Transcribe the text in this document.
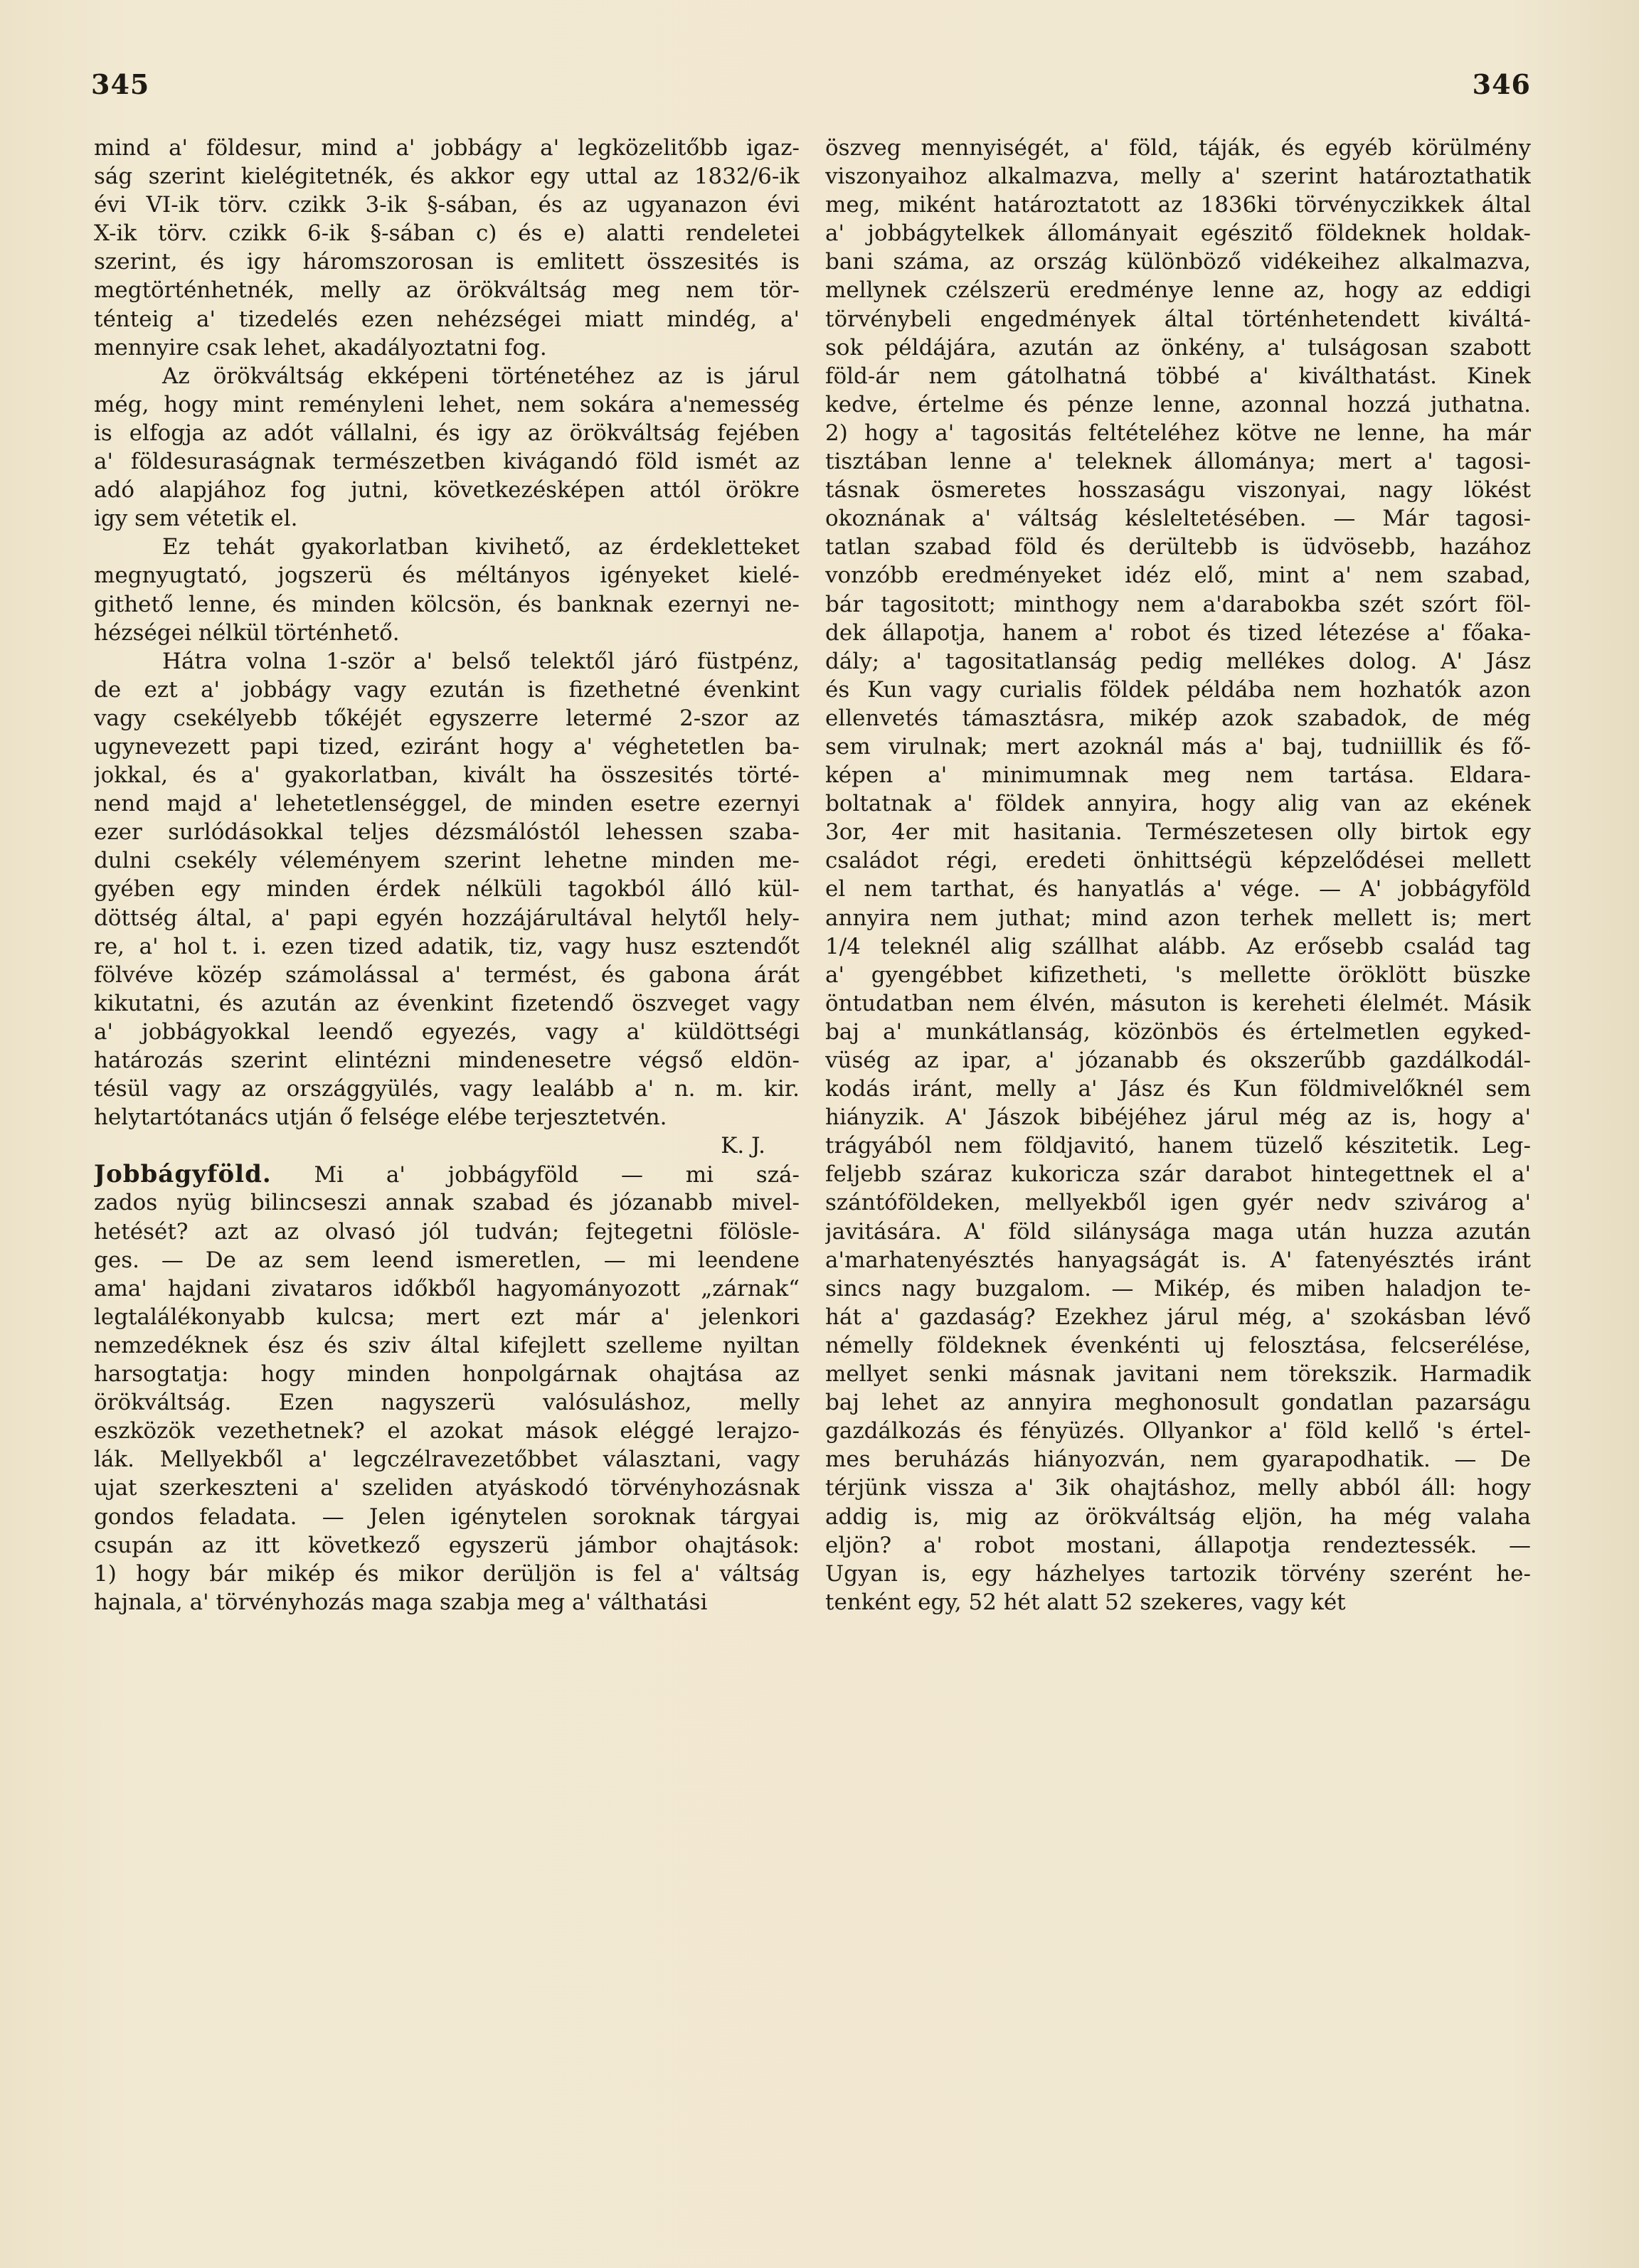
345	346
mind a' földesur, mind a' jobbágy a' legközelitőbb igaz-
ság szerint kielégitetnék, és akkor egy uttal az 1832/6-ik
évi VI-ik törv. czikk 3-ik §-sában, és az ugyanazon évi
X-ik törv. czikk 6-ik §-sában c) és e) alatti rendeletei
szerint, és igy háromszorosan is emlitett összesités is
megtörténhetnék, melly az örökváltság meg nem tör-
ténteig a' tizedelés ezen nehézségei miatt mindég, a'
mennyire csak lehet, akadályoztatni fog.
Az örökváltság ekképeni történetéhez az is járul
még, hogy mint reményleni lehet, nem sokára a'nemesség
is elfogja az adót vállalni, és igy az örökváltság fejében
a' földesuraságnak természetben kivágandó föld ismét az
adó alapjához fog jutni, következésképen attól örökre
igy sem vétetik el.
Ez tehát gyakorlatban kivihető, az érdekletteket
megnyugtató, jogszerü és méltányos igényeket kielé-
githető lenne, és minden kölcsön, és banknak ezernyi ne-
hézségei nélkül történhető.
Hátra volna 1-ször a' belső telektől járó füstpénz,
de ezt a' jobbágy vagy ezután is fizethetné évenkint
vagy csekélyebb tőkéjét egyszerre letermé 2-szor az
ugynevezett papi tized, eziránt hogy a' véghetetlen ba-
jokkal, és a' gyakorlatban, kivált ha összesités törté-
nend majd a' lehetetlenséggel, de minden esetre ezernyi
ezer surlódásokkal teljes dézsmálóstól lehessen szaba-
dulni csekély véleményem szerint lehetne minden me-
gyében egy minden érdek nélküli tagokból álló kül-
döttség által, a' papi egyén hozzájárultával helytől hely-
re, a' hol t. i. ezen tized adatik, tiz, vagy husz esztendőt
fölvéve közép számolással a' termést, és gabona árát
kikutatni, és azután az évenkint fizetendő öszveget vagy
a' jobbágyokkal leendő egyezés, vagy a' küldöttségi
határozás szerint elintézni mindenesetre végső eldön-
tésül vagy az országgyülés, vagy lealább a' n. m. kir.
helytartótanács utján ő felsége elébe terjesztetvén.
K. J.
Jobbágyföld. Mi a' jobbágyföld — mi szá-
zados nyüg bilincseszi annak szabad és józanabb mivel-
hetését? azt az olvasó jól tudván; fejtegetni fölösle-
ges. — De az sem leend ismeretlen, — mi leendene
ama' hajdani zivataros időkből hagyományozott „zárnak“
legtalálékonyabb kulcsa; mert ezt már a' jelenkori
nemzedéknek ész és sziv által kifejlett szelleme nyiltan
harsogtatja: hogy minden honpolgárnak ohajtása az
örökváltság. Ezen nagyszerü valósuláshoz, melly
eszközök vezethetnek? el azokat mások eléggé lerajzo-
lák. Mellyekből a' legczélravezetőbbet választani, vagy
ujat szerkeszteni a' szeliden atyáskodó törvényhozásnak
gondos feladata. — Jelen igénytelen soroknak tárgyai
csupán az itt következő egyszerü jámbor ohajtások:
1) hogy bár mikép és mikor derüljön is fel a' váltság
hajnala, a' törvényhozás maga szabja meg a' válthatási
öszveg mennyiségét, a' föld, táják, és egyéb körülmény
viszonyaihoz alkalmazva, melly a' szerint határoztathatik
meg, miként határoztatott az 1836ki törvényczikkek által
a' jobbágytelkek állományait egészitő földeknek holdak-
bani száma, az ország különböző vidékeihez alkalmazva,
mellynek czélszerü eredménye lenne az, hogy az eddigi
törvénybeli engedmények által történhetendett kiváltá-
sok példájára, azután az önkény, a' tulságosan szabott
föld-ár nem gátolhatná többé a' kiválthatást. Kinek
kedve, értelme és pénze lenne, azonnal hozzá juthatna.
2) hogy a' tagositás feltételéhez kötve ne lenne, ha már
tisztában lenne a' teleknek állománya; mert a' tagosi-
tásnak ösmeretes hosszaságu viszonyai, nagy lökést
okoznának a' váltság késleltetésében. — Már tagosi-
tatlan szabad föld és derültebb is üdvösebb, hazához
vonzóbb eredményeket idéz elő, mint a' nem szabad,
bár tagositott; minthogy nem a'darabokba szét szórt föl-
dek állapotja, hanem a' robot és tized létezése a' főaka-
dály; a' tagositatlanság pedig mellékes dolog. A' Jász
és Kun vagy curialis földek példába nem hozhatók azon
ellenvetés támasztásra, mikép azok szabadok, de még
sem virulnak; mert azoknál más a' baj, tudniillik és fő-
képen a' minimumnak meg nem tartása. Eldara-
boltatnak a' földek annyira, hogy alig van az ekének
3or, 4er mit hasitania. Természetesen olly birtok egy
családot régi, eredeti önhittségü képzelődései mellett
el nem tarthat, és hanyatlás a' vége. — A' jobbágyföld
annyira nem juthat; mind azon terhek mellett is; mert
1/4 teleknél alig szállhat alább. Az erősebb család tag
a' gyengébbet kifizetheti, 's mellette öröklött büszke
öntudatban nem élvén, másuton is kereheti élelmét. Másik
baj a' munkátlanság, közönbös és értelmetlen egyked-
vüség az ipar, a' józanabb és okszerűbb gazdálkodál-
kodás iránt, melly a' Jász és Kun földmivelőknél sem
hiányzik. A' Jászok bibéjéhez járul még az is, hogy a'
trágyából nem földjavitó, hanem tüzelő készitetik. Leg-
feljebb száraz kukoricza szár darabot hintegettnek el a'
szántóföldeken, mellyekből igen gyér nedv szivárog a'
javitására. A' föld silánysága maga után huzza azután
a'marhatenyésztés hanyagságát is. A' fatenyésztés iránt
sincs nagy buzgalom. — Mikép, és miben haladjon te-
hát a' gazdaság? Ezekhez járul még, a' szokásban lévő
némelly földeknek évenkénti uj felosztása, felcserélése,
mellyet senki másnak javitani nem törekszik. Harmadik
baj lehet az annyira meghonosult gondatlan pazarságu
gazdálkozás és fényüzés. Ollyankor a' föld kellő 's értel-
mes beruházás hiányozván, nem gyarapodhatik. — De
térjünk vissza a' 3ik ohajtáshoz, melly abból áll: hogy
addig is, mig az örökváltság eljön, ha még valaha
eljön? a' robot mostani, állapotja rendeztessék. —
Ugyan is, egy házhelyes tartozik törvény szerént he-
tenként egy, 52 hét alatt 52 szekeres, vagy két
